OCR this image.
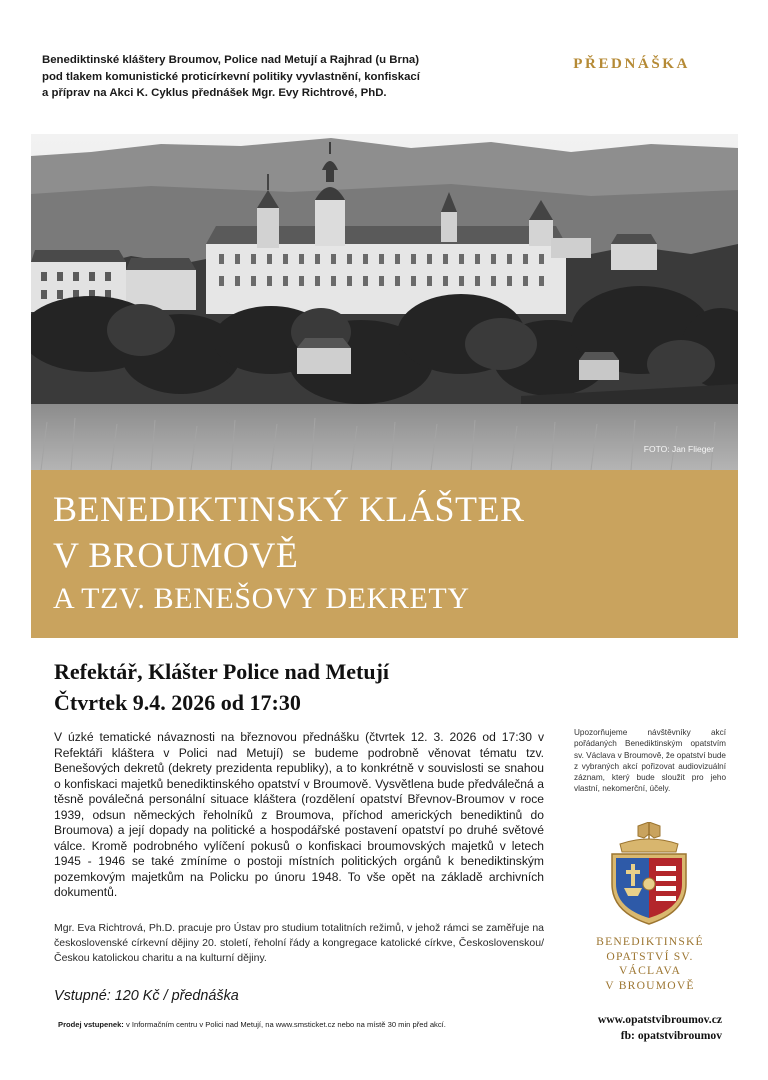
Benediktinské kláštery Broumov, Police nad Metují a Rajhrad (u Brna)
pod tlakem komunistické proticírkevní politiky vyvlastnění, konfiskací
a příprav na Akci K. Cyklus přednášek Mgr. Evy Richtrové, PhD.
PŘEDNÁŠKA
FOTO: Jan Flieger
BENEDIKTINSKÝ KLÁŠTER
V BROUMOVĚ
A TZV. BENEŠOVY DEKRETY
Refektář, Klášter Police nad Metují
Čtvrtek 9.4. 2026 od 17:30
V úzké tematické návaznosti na březnovou přednášku (čtvrtek 12. 3. 2026 od 17:30 v Refektáři kláštera v Polici nad Metují) se budeme podrobně věnovat tématu tzv. Benešových dekretů (dekrety prezidenta republiky), a to konkrétně v souvislosti se snahou o konfiskaci majetků benediktinského opatství v Broumově. Vysvětlena bude předválečná a těsně poválečná personální situace kláštera (rozdělení opatství Břevnov-Broumov v roce 1939, odsun německých řeholníků z Broumova, příchod amerických benediktinů do Broumova) a její dopady na politické a hospodářské postavení opatství po druhé světové válce. Kromě podrobného vylíčení pokusů o konfiskaci broumovských majetků v letech 1945 - 1946 se také zmíníme o postoji místních politických orgánů k benediktinským pozemkovým majetkům na Policku po únoru 1948. To vše opět na základě archivních dokumentů.
Mgr. Eva Richtrová, Ph.D. pracuje pro Ústav pro studium totalitních režimů, v jehož rámci se zaměřuje na československé církevní dějiny 20. století, řeholní řády a kongregace katolické církve, Československou/Českou katolickou charitu a na kulturní dějiny.
Vstupné: 120 Kč / přednáška
Prodej vstupenek: v Informačním centru v Polici nad Metují, na www.smsticket.cz nebo na místě 30 min před akcí.
Upozorňujeme návštěvníky akcí pořádaných Benediktinským opatstvím sv. Václava v Broumově, že opatství bude z vybraných akcí pořizovat audiovizuální záznam, který bude sloužit pro jeho vlastní, nekomerční, účely.
BENEDIKTINSKÉ
OPATSTVÍ SV. VÁCLAVA
V BROUMOVĚ
www.opatstvibroumov.cz
fb: opatstvibroumov
